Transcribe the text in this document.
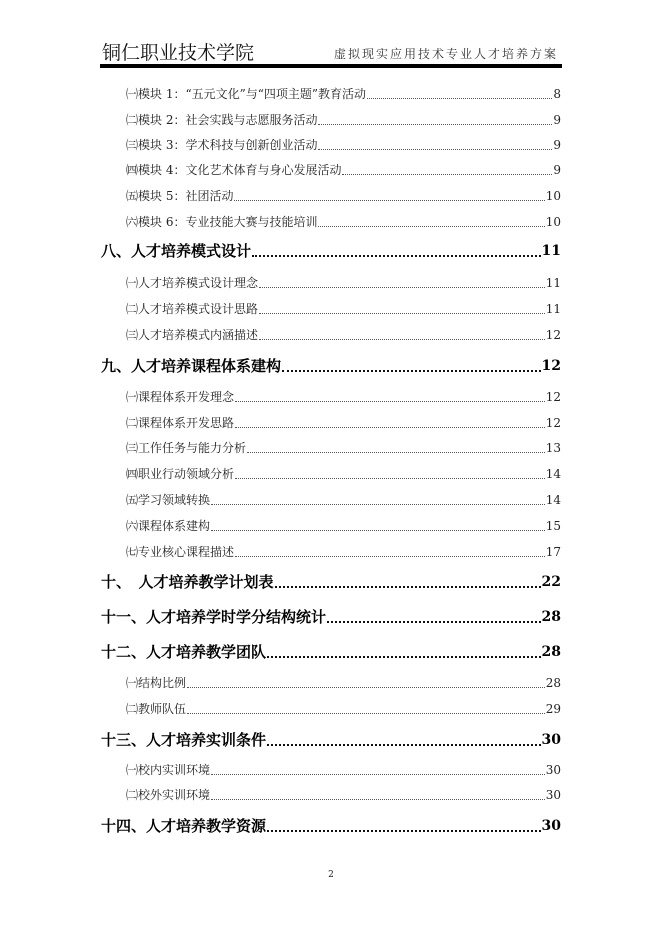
铜仁职业技术学院	虚拟现实应用技术专业人才培养方案
㈠模块 1：“五元文化”与“四项主题”教育活动	8
㈡模块 2：社会实践与志愿服务活动	9
㈢模块 3：学术科技与创新创业活动	9
㈣模块 4：文化艺术体育与身心发展活动	9
㈤模块 5：社团活动	10
㈥模块 6：专业技能大赛与技能培训	10
八、人才培养模式设计	11
㈠人才培养模式设计理念	11
㈡人才培养模式设计思路	11
㈢人才培养模式内涵描述	12
九、人才培养课程体系建构	12
㈠课程体系开发理念	12
㈡课程体系开发思路	12
㈢工作任务与能力分析	13
㈣职业行动领域分析	14
㈤学习领域转换	14
㈥课程体系建构	15
㈦专业核心课程描述	17
十、　人才培养教学计划表	22
十一、人才培养学时学分结构统计	28
十二、人才培养教学团队	28
㈠结构比例	28
㈡教师队伍	29
十三、人才培养实训条件	30
㈠校内实训环境	30
㈡校外实训环境	30
十四、人才培养教学资源	30
2
